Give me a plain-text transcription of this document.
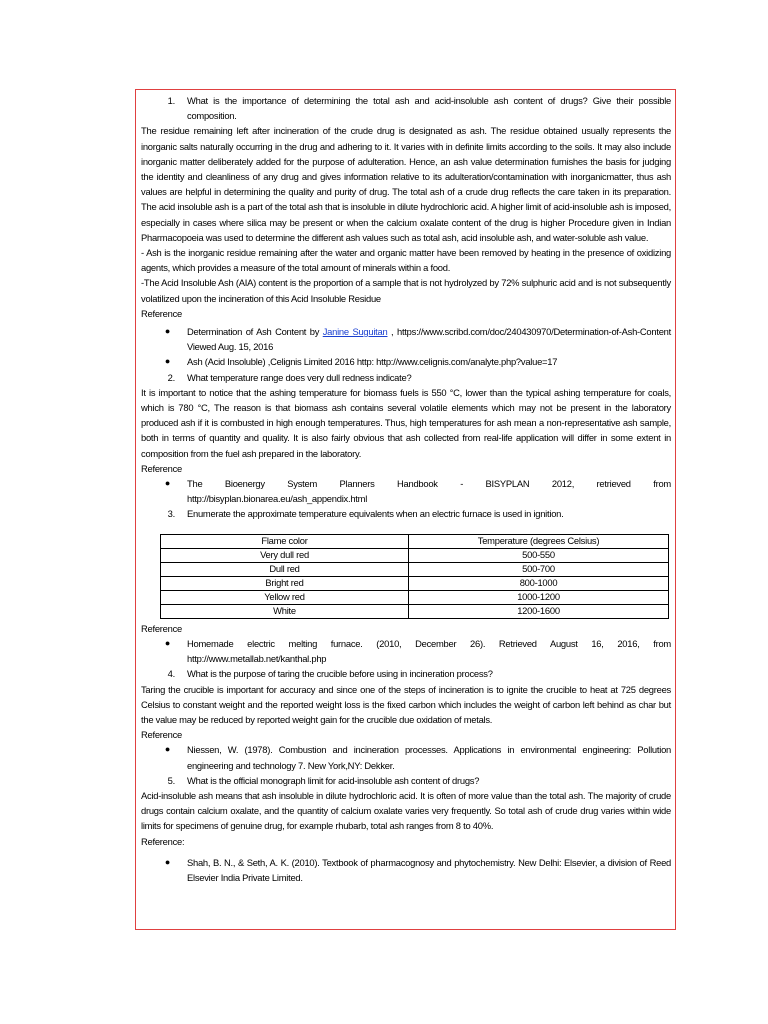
1.	What is the importance of determining the total ash and acid-insoluble ash content of drugs? Give their possible composition.

The residue remaining left after incineration of the crude drug is designated as ash. The residue obtained usually represents the inorganic salts naturally occurring in the drug and adhering to it. It varies with in definite limits according to the soils. It may also include inorganic matter deliberately added for the purpose of adulteration. Hence, an ash value determination furnishes the basis for judging the identity and cleanliness of any drug and gives information relative to its adulteration/contamination with inorganicmatter, thus ash values are helpful in determining the quality and purity of drug. The total ash of a crude drug reflects the care taken in its preparation. The acid insoluble ash is a part of the total ash that is insoluble in dilute hydrochloric acid. A higher limit of acid-insoluble ash is imposed, especially in cases where silica may be present or when the calcium oxalate content of the drug is higher Procedure given in Indian Pharmacopoeia was used to determine the different ash values such as total ash, acid insoluble ash, and water-soluble ash value.

- Ash is the inorganic residue remaining after the water and organic matter have been removed by heating in the presence of oxidizing agents, which provides a measure of the total amount of minerals within a food.

-The Acid Insoluble Ash (AIA) content is the proportion of a sample that is not hydrolyzed by 72% sulphuric acid and is not subsequently volatilized upon the incineration of this Acid Insoluble Residue

Reference

●	Determination of Ash Content by Janine Suguitan , https://www.scribd.com/doc/240430970/Determination-of-Ash-Content Viewed Aug. 15, 2016
●	Ash (Acid Insoluble) ,Celignis Limited 2016 http: http://www.celignis.com/analyte.php?value=17
2.	What temperature range does very dull redness indicate?

It is important to notice that the ashing temperature for biomass fuels is 550 °C, lower than the typical ashing temperature for coals, which is 780 °C, The reason is that biomass ash contains several volatile elements which may not be present in the laboratory produced ash if it is combusted in high enough temperatures. Thus, high temperatures for ash mean a non-representative ash sample, both in terms of quantity and quality. It is also fairly obvious that ash collected from real-life application will differ in some extent in composition from the fuel ash prepared in the laboratory.

Reference

●	The Bioenergy System Planners Handbook - BISYPLAN 2012, retrieved from http://bisyplan.bionarea.eu/ash_appendix.html
3.	Enumerate the approximate temperature equivalents when an electric furnace is used in ignition.
Flame color	Temperature (degrees Celsius)
Very dull red	500-550
Dull red	500-700
Bright red	800-1000
Yellow red	1000-1200
White	1200-1600

Reference

●	Homemade electric melting furnace. (2010, December 26). Retrieved August 16, 2016, from http://www.metallab.net/kanthal.php
4.	What is the purpose of taring the crucible before using in incineration process?

Taring the crucible is important for accuracy and since one of the steps of incineration is to ignite the crucible to heat at 725 degrees Celsius to constant weight and the reported weight loss is the fixed carbon which includes the weight of carbon left behind as char but the value may be reduced by reported weight gain for the crucible due oxidation of metals.

Reference

●	Niessen, W. (1978). Combustion and incineration processes. Applications in environmental engineering: Pollution engineering and technology 7. New York,NY: Dekker.
5.	What is the official monograph limit for acid-insoluble ash content of drugs?

Acid-insoluble ash means that ash insoluble in dilute hydrochloric acid. It is often of more value than the total ash. The majority of crude drugs contain calcium oxalate, and the quantity of calcium oxalate varies very frequently. So total ash of crude drug varies within wide limits for specimens of genuine drug, for example rhubarb, total ash ranges from 8 to 40%.

Reference:

●	Shah, B. N., & Seth, A. K. (2010). Textbook of pharmacognosy and phytochemistry. New Delhi: Elsevier, a division of Reed Elsevier India Private Limited.
